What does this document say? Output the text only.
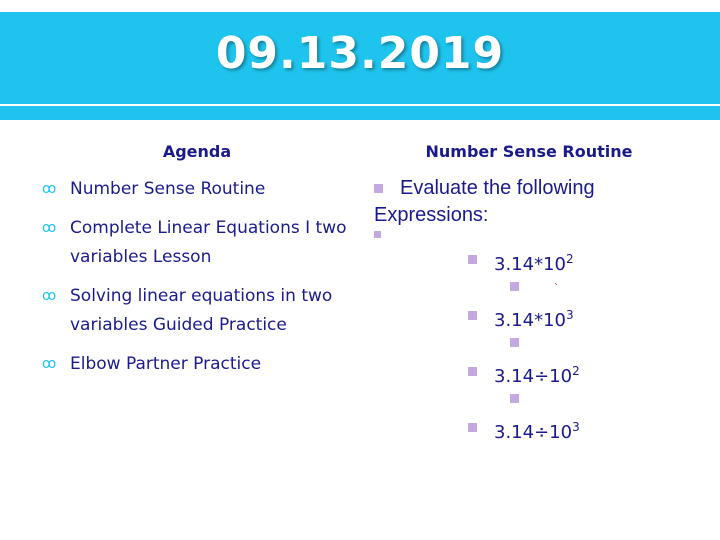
09.13.2019
Agenda
ꝏ Number Sense Routine
ꝏ Complete Linear Equations I two variables Lesson
ꝏ Solving linear equations in two variables Guided Practice
ꝏ Elbow Partner Practice
Number Sense Routine
Evaluate the following Expressions:
$3.14*10^2$
`
$3.14*10^3$
$3.14\div 10^2$
$3.14\div 10^3$
